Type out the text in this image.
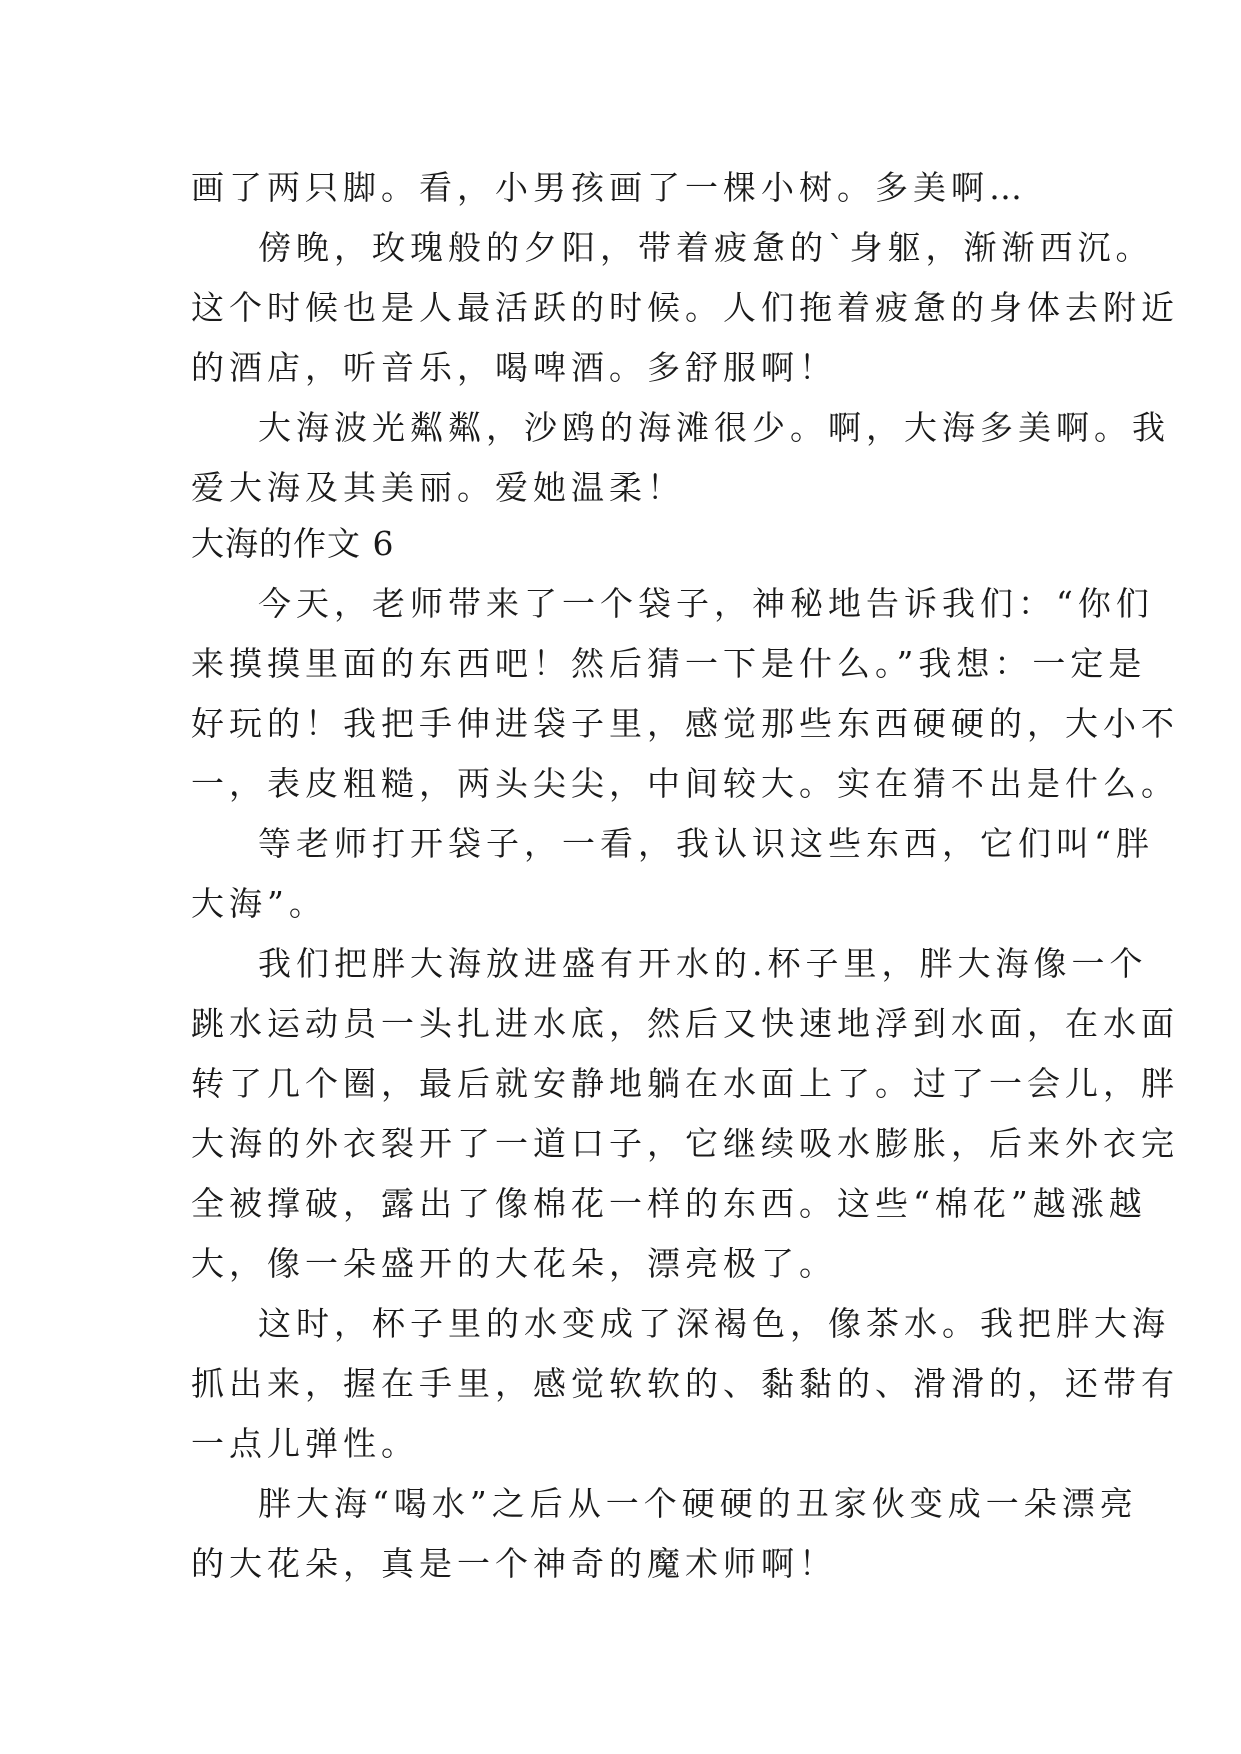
画了两只脚。看，小男孩画了一棵小树。多美啊…
傍晚，玫瑰般的夕阳，带着疲惫的`身躯，渐渐西沉。
这个时候也是人最活跃的时候。人们拖着疲惫的身体去附近
的酒店，听音乐，喝啤酒。多舒服啊！
大海波光粼粼，沙鸥的海滩很少。啊，大海多美啊。我
爱大海及其美丽。爱她温柔！
大海的作文 6
今天，老师带来了一个袋子，神秘地告诉我们：“你们
来摸摸里面的东西吧！然后猜一下是什么。”我想：一定是
好玩的！我把手伸进袋子里，感觉那些东西硬硬的，大小不
一，表皮粗糙，两头尖尖，中间较大。实在猜不出是什么。
等老师打开袋子，一看，我认识这些东西，它们叫“胖
大海”。
我们把胖大海放进盛有开水的.杯子里，胖大海像一个
跳水运动员一头扎进水底，然后又快速地浮到水面，在水面
转了几个圈，最后就安静地躺在水面上了。过了一会儿，胖
大海的外衣裂开了一道口子，它继续吸水膨胀，后来外衣完
全被撑破，露出了像棉花一样的东西。这些“棉花”越涨越
大，像一朵盛开的大花朵，漂亮极了。
这时，杯子里的水变成了深褐色，像茶水。我把胖大海
抓出来，握在手里，感觉软软的、黏黏的、滑滑的，还带有
一点儿弹性。
胖大海“喝水”之后从一个硬硬的丑家伙变成一朵漂亮
的大花朵，真是一个神奇的魔术师啊！
